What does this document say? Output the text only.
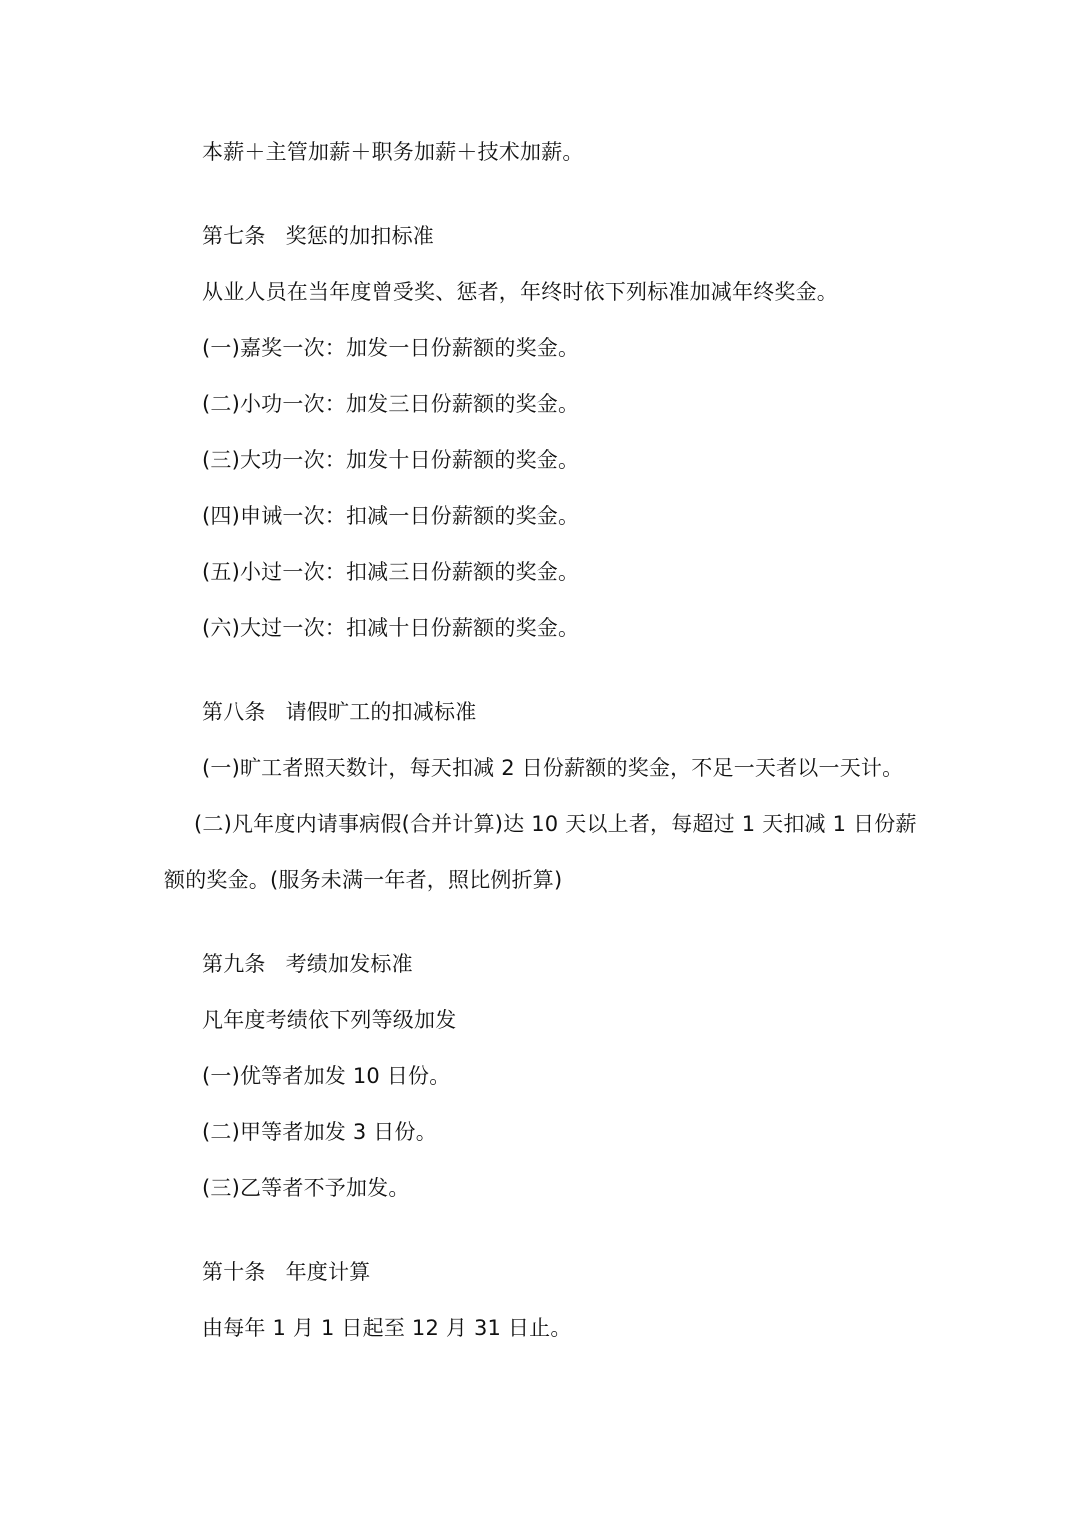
本薪＋主管加薪＋职务加薪＋技术加薪。
第七条 奖惩的加扣标准
从业人员在当年度曾受奖、惩者，年终时依下列标准加减年终奖金。
(一)嘉奖一次：加发一日份薪额的奖金。
(二)小功一次：加发三日份薪额的奖金。
(三)大功一次：加发十日份薪额的奖金。
(四)申诫一次：扣减一日份薪额的奖金。
(五)小过一次：扣减三日份薪额的奖金。
(六)大过一次：扣减十日份薪额的奖金。
第八条 请假旷工的扣减标准
(一)旷工者照天数计，每天扣减 2 日份薪额的奖金，不足一天者以一天计。
(二)凡年度内请事病假(合并计算)达 10 天以上者，每超过 1 天扣减 1 日份薪
额的奖金。(服务未满一年者，照比例折算)
第九条 考绩加发标准
凡年度考绩依下列等级加发
(一)优等者加发 10 日份。
(二)甲等者加发 3 日份。
(三)乙等者不予加发。
第十条 年度计算
由每年 1 月 1 日起至 12 月 31 日止。
